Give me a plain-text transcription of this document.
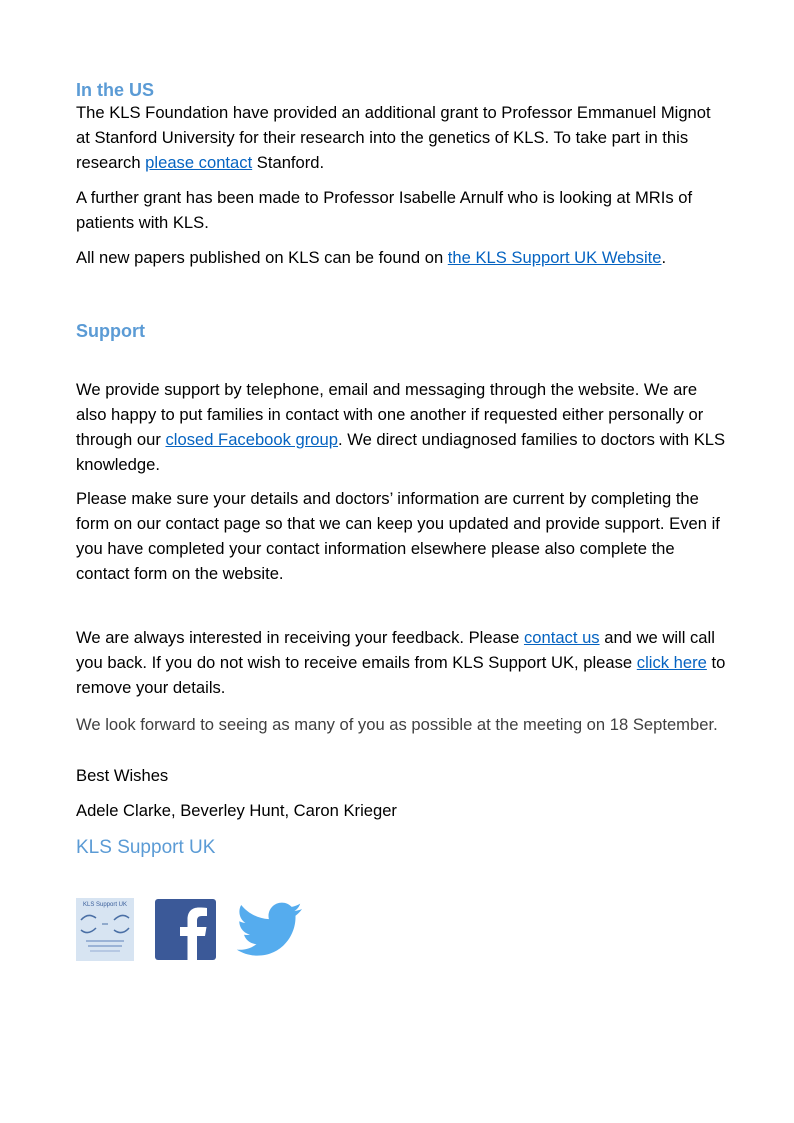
In the US

The KLS Foundation have provided an additional grant to Professor Emmanuel Mignot at Stanford University for their research into the genetics of KLS. To take part in this research please contact Stanford.

A further grant has been made to Professor Isabelle Arnulf who is looking at MRIs of patients with KLS.

All new papers published on KLS can be found on the KLS Support UK Website.

Support

We provide support by telephone, email and messaging through the website. We are also happy to put families in contact with one another if requested either personally or through our closed Facebook group. We direct undiagnosed families to doctors with KLS knowledge.

Please make sure your details and doctors’ information are current by completing the form on our contact page so that we can keep you updated and provide support. Even if you have completed your contact information elsewhere please also complete the contact form on the website.

We are always interested in receiving your feedback. Please contact us and we will call you back. If you do not wish to receive emails from KLS Support UK, please click here to remove your details.

We look forward to seeing as many of you as possible at the meeting on 18 September.

Best Wishes

Adele Clarke, Beverley Hunt, Caron Krieger

KLS Support UK

KLS Support UK
